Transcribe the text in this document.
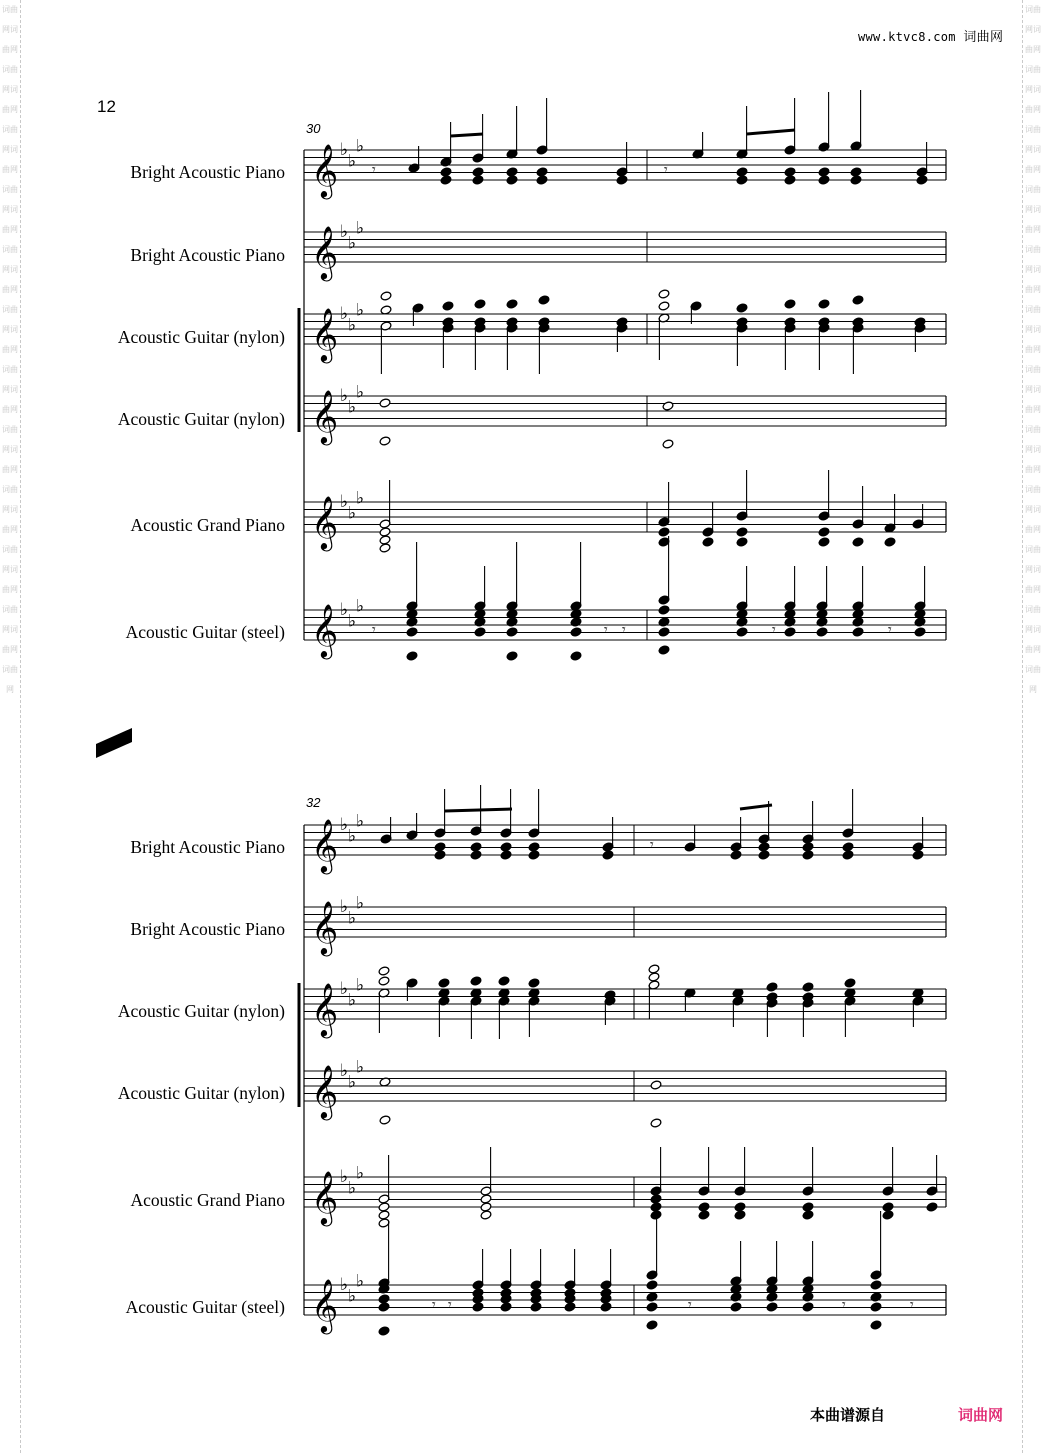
词曲网词曲网词曲网词曲网词曲网词曲网词曲网词曲网词曲网词曲网词曲网词曲网词曲网词曲网词曲网词曲网词曲网词曲网词曲网词曲网词曲网词曲网词曲网
词曲网词曲网词曲网词曲网词曲网词曲网词曲网词曲网词曲网词曲网词曲网词曲网词曲网词曲网词曲网词曲网词曲网词曲网词曲网词曲网词曲网词曲网词曲网
www.ktvc8.com 词曲网
12
30
Bright Acoustic Piano
Bright Acoustic Piano
Acoustic Guitar (nylon)
Acoustic Guitar (nylon)
Acoustic Grand Piano
Acoustic Guitar (steel)
𝄞 ♭
♭
♭
𝄞 ♭
♭
♭
𝄞 ♭
♭
♭
𝄞 ♭
♭
♭
𝄞 ♭
♭
♭
𝄞 ♭
♭
♭
𝄾	𝄾
𝄾	𝄾 𝄾	𝄾	𝄾
32
Bright Acoustic Piano
Bright Acoustic Piano
Acoustic Guitar (nylon)
Acoustic Guitar (nylon)
Acoustic Grand Piano
Acoustic Guitar (steel)
𝄞 ♭
♭
♭
𝄞 ♭
♭
♭
𝄞 ♭
♭
♭
𝄞 ♭
♭
♭
𝄞 ♭
♭
♭
𝄞 ♭
♭
♭
𝄾
𝄾 𝄾	𝄾	𝄾	𝄾
本曲谱源自	词曲网
